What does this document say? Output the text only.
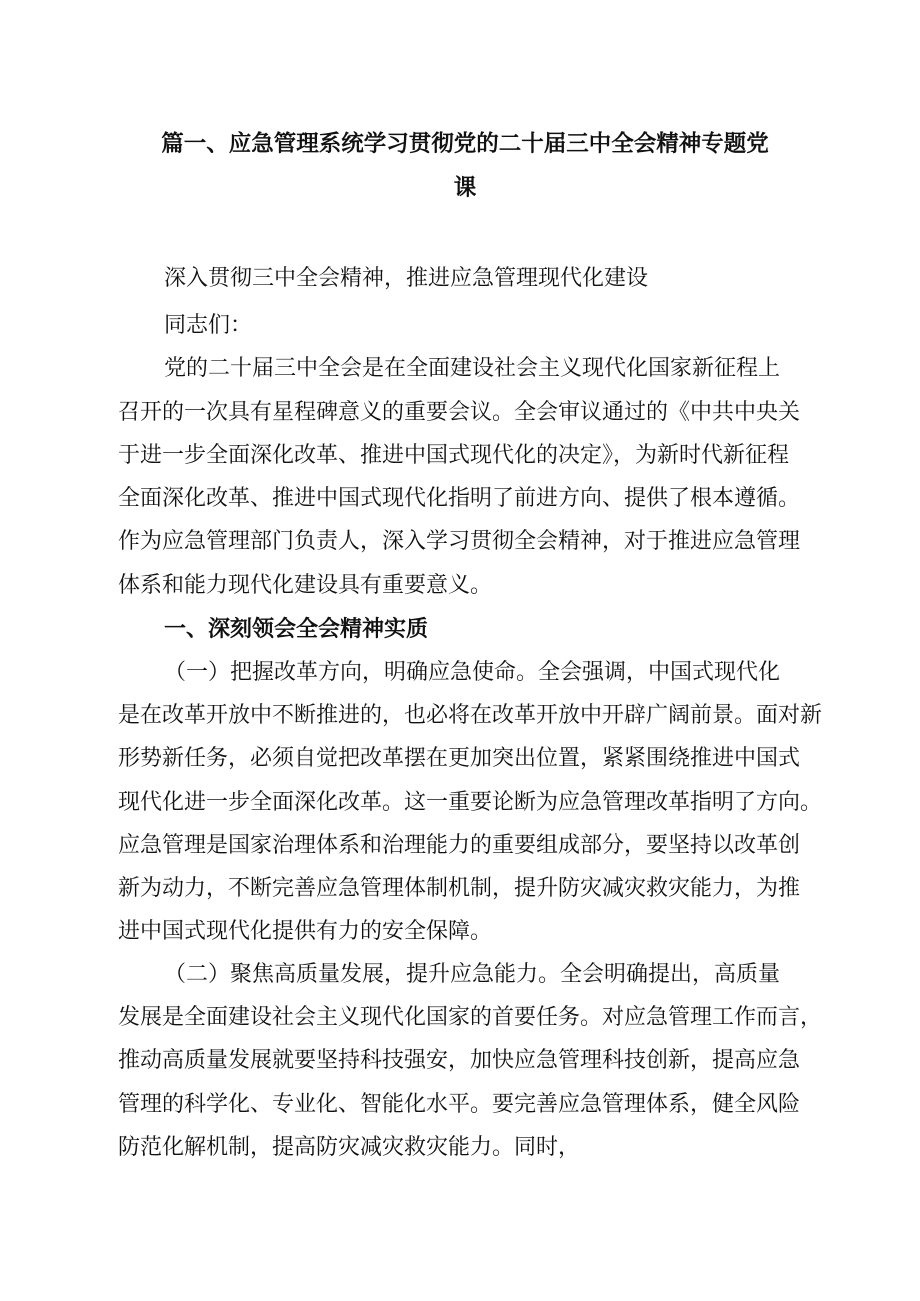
篇一、应急管理系统学习贯彻党的二十届三中全会精神专题党
课
深入贯彻三中全会精神，推进应急管理现代化建设
同志们：
党的二十届三中全会是在全面建设社会主义现代化国家新征程上
召开的一次具有星程碑意义的重要会议。全会审议通过的《中共中央关
于进一步全面深化改革、推进中国式现代化的决定》，为新时代新征程
全面深化改革、推进中国式现代化指明了前进方向、提供了根本遵循。
作为应急管理部门负责人，深入学习贯彻全会精神，对于推进应急管理
体系和能力现代化建设具有重要意义。
一、深刻领会全会精神实质
（一）把握改革方向，明确应急使命。全会强调，中国式现代化
是在改革开放中不断推进的，也必将在改革开放中开辟广阔前景。面对新
形势新任务，必须自觉把改革摆在更加突出位置，紧紧围绕推进中国式
现代化进一步全面深化改革。这一重要论断为应急管理改革指明了方向。
应急管理是国家治理体系和治理能力的重要组成部分，要坚持以改革创
新为动力，不断完善应急管理体制机制，提升防灾减灾救灾能力，为推
进中国式现代化提供有力的安全保障。
（二）聚焦高质量发展，提升应急能力。全会明确提出，高质量
发展是全面建设社会主义现代化国家的首要任务。对应急管理工作而言，
推动高质量发展就要坚持科技强安，加快应急管理科技创新，提高应急
管理的科学化、专业化、智能化水平。要完善应急管理体系，健全风险
防范化解机制，提高防灾减灾救灾能力。同时，
